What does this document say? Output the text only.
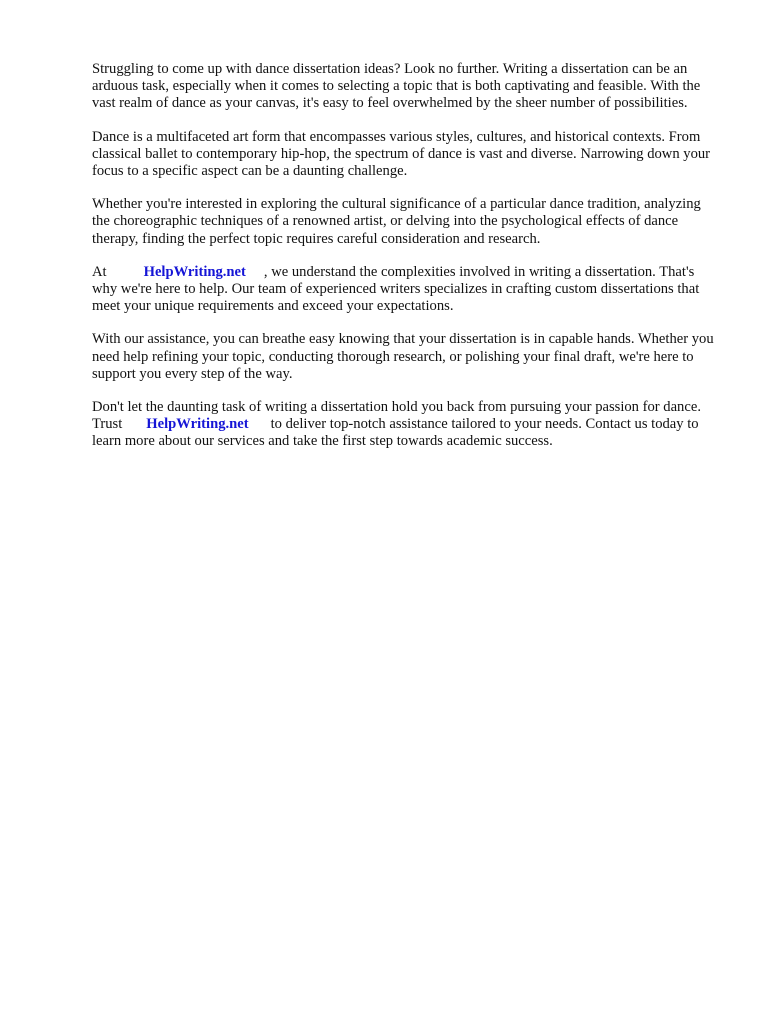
Struggling to come up with dance dissertation ideas? Look no further. Writing a dissertation can be an arduous task, especially when it comes to selecting a topic that is both captivating and feasible. With the vast realm of dance as your canvas, it's easy to feel overwhelmed by the sheer number of possibilities.

Dance is a multifaceted art form that encompasses various styles, cultures, and historical contexts. From classical ballet to contemporary hip-hop, the spectrum of dance is vast and diverse. Narrowing down your focus to a specific aspect can be a daunting challenge.

Whether you're interested in exploring the cultural significance of a particular dance tradition, analyzing the choreographic techniques of a renowned artist, or delving into the psychological effects of dance therapy, finding the perfect topic requires careful consideration and research.

At	HelpWriting.net , we understand the complexities involved in writing a dissertation. That's why we're here to help. Our team of experienced writers specializes in crafting custom dissertations that meet your unique requirements and exceed your expectations.

With our assistance, you can breathe easy knowing that your dissertation is in capable hands. Whether you need help refining your topic, conducting thorough research, or polishing your final draft, we're here to support you every step of the way.

Don't let the daunting task of writing a dissertation hold you back from pursuing your passion for dance. Trust HelpWriting.net to deliver top-notch assistance tailored to your needs. Contact us today to learn more about our services and take the first step towards academic success.
